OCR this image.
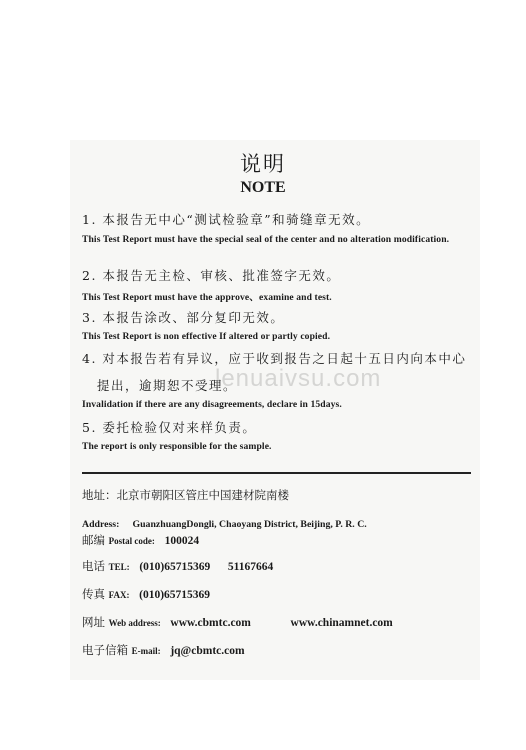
说明
NOTE
1. 本报告无中心“测试检验章”和骑缝章无效。
This Test Report must have the special seal of the center and no alteration modification.
2. 本报告无主检、审核、批准签字无效。
This Test Report must have the approve、examine and test.
3. 本报告涂改、部分复印无效。
This Test Report is non effective If altered or partly copied.
4. 对本报告若有异议，应于收到报告之日起十五日内向本中心
提出，逾期恕不受理。
Invalidation if there are any disagreements, declare in 15days.
5. 委托检验仅对来样负责。
The report is only responsible for the sample.
lenuaivsu.com
地址：北京市朝阳区管庄中国建材院南楼
Address: GuanzhuangDongli, Chaoyang District, Beijing, P. R. C.
邮编 Postal code: 100024
电话 TEL: (010)65715369 51167664
传真 FAX: (010)65715369
网址 Web address: www.cbmtc.com	www.chinamnet.com
电子信箱 E-mail: jq@cbmtc.com
